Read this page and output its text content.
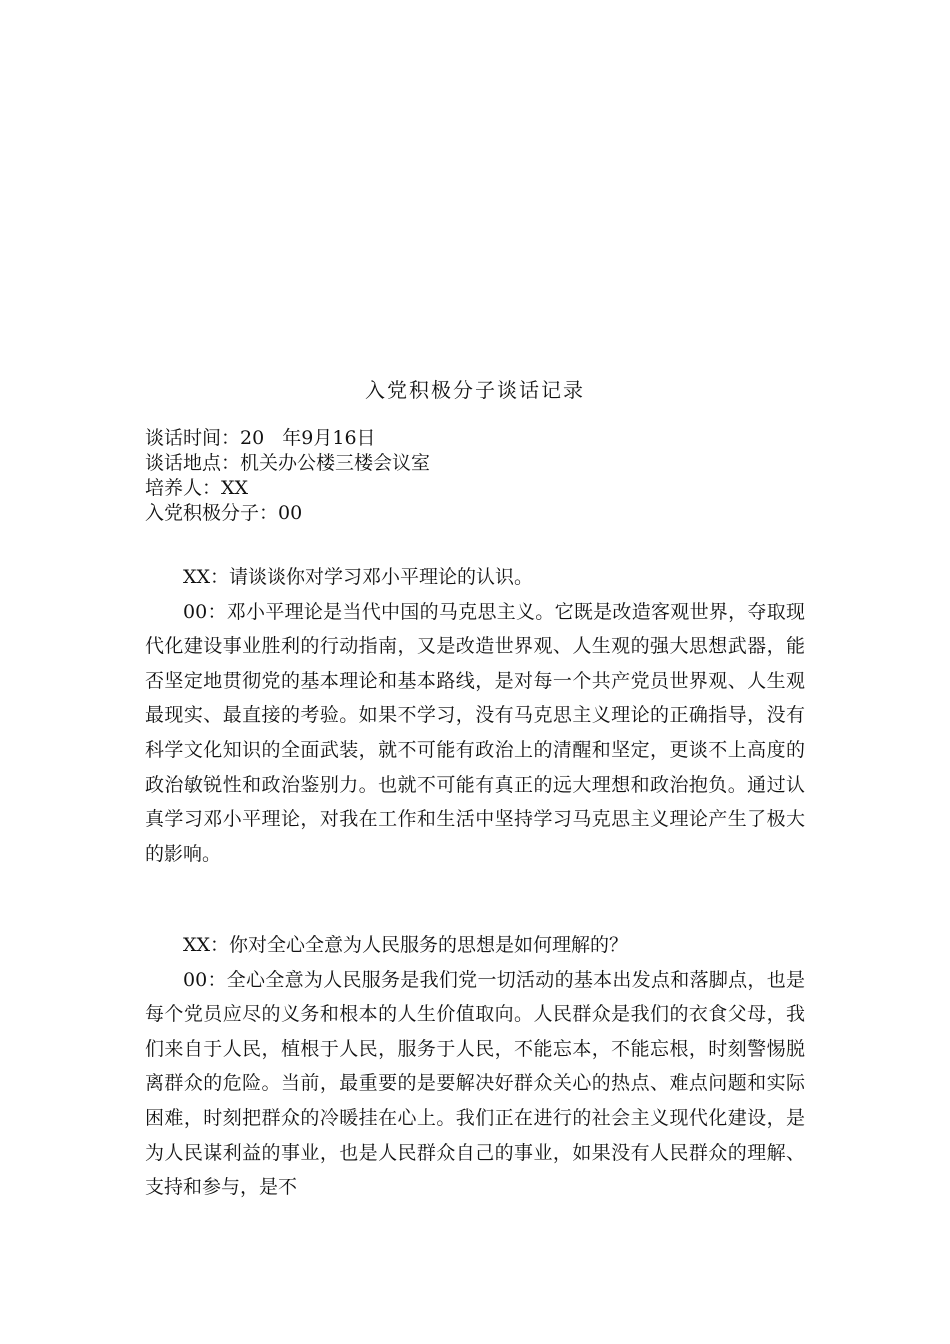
入党积极分子谈话记录
谈话时间：20   年9月16日
谈话地点：机关办公楼三楼会议室
培养人：XX
入党积极分子：00

XX：请谈谈你对学习邓小平理论的认识。

00：邓小平理论是当代中国的马克思主义。它既是改造客观世界，夺取现代化建设事业胜利的行动指南，又是改造世界观、人生观的强大思想武器，能否坚定地贯彻党的基本理论和基本路线，是对每一个共产党员世界观、人生观最现实、最直接的考验。如果不学习，没有马克思主义理论的正确指导，没有科学文化知识的全面武装，就不可能有政治上的清醒和坚定，更谈不上高度的政治敏锐性和政治鉴别力。也就不可能有真正的远大理想和政治抱负。通过认真学习邓小平理论，对我在工作和生活中坚持学习马克思主义理论产生了极大的影响。

XX：你对全心全意为人民服务的思想是如何理解的？

00：全心全意为人民服务是我们党一切活动的基本出发点和落脚点，也是每个党员应尽的义务和根本的人生价值取向。人民群众是我们的衣食父母，我们来自于人民，植根于人民，服务于人民，不能忘本，不能忘根，时刻警惕脱离群众的危险。当前，最重要的是要解决好群众关心的热点、难点问题和实际困难，时刻把群众的冷暖挂在心上。我们正在进行的社会主义现代化建设，是为人民谋利益的事业，也是人民群众自己的事业，如果没有人民群众的理解、支持和参与，是不
